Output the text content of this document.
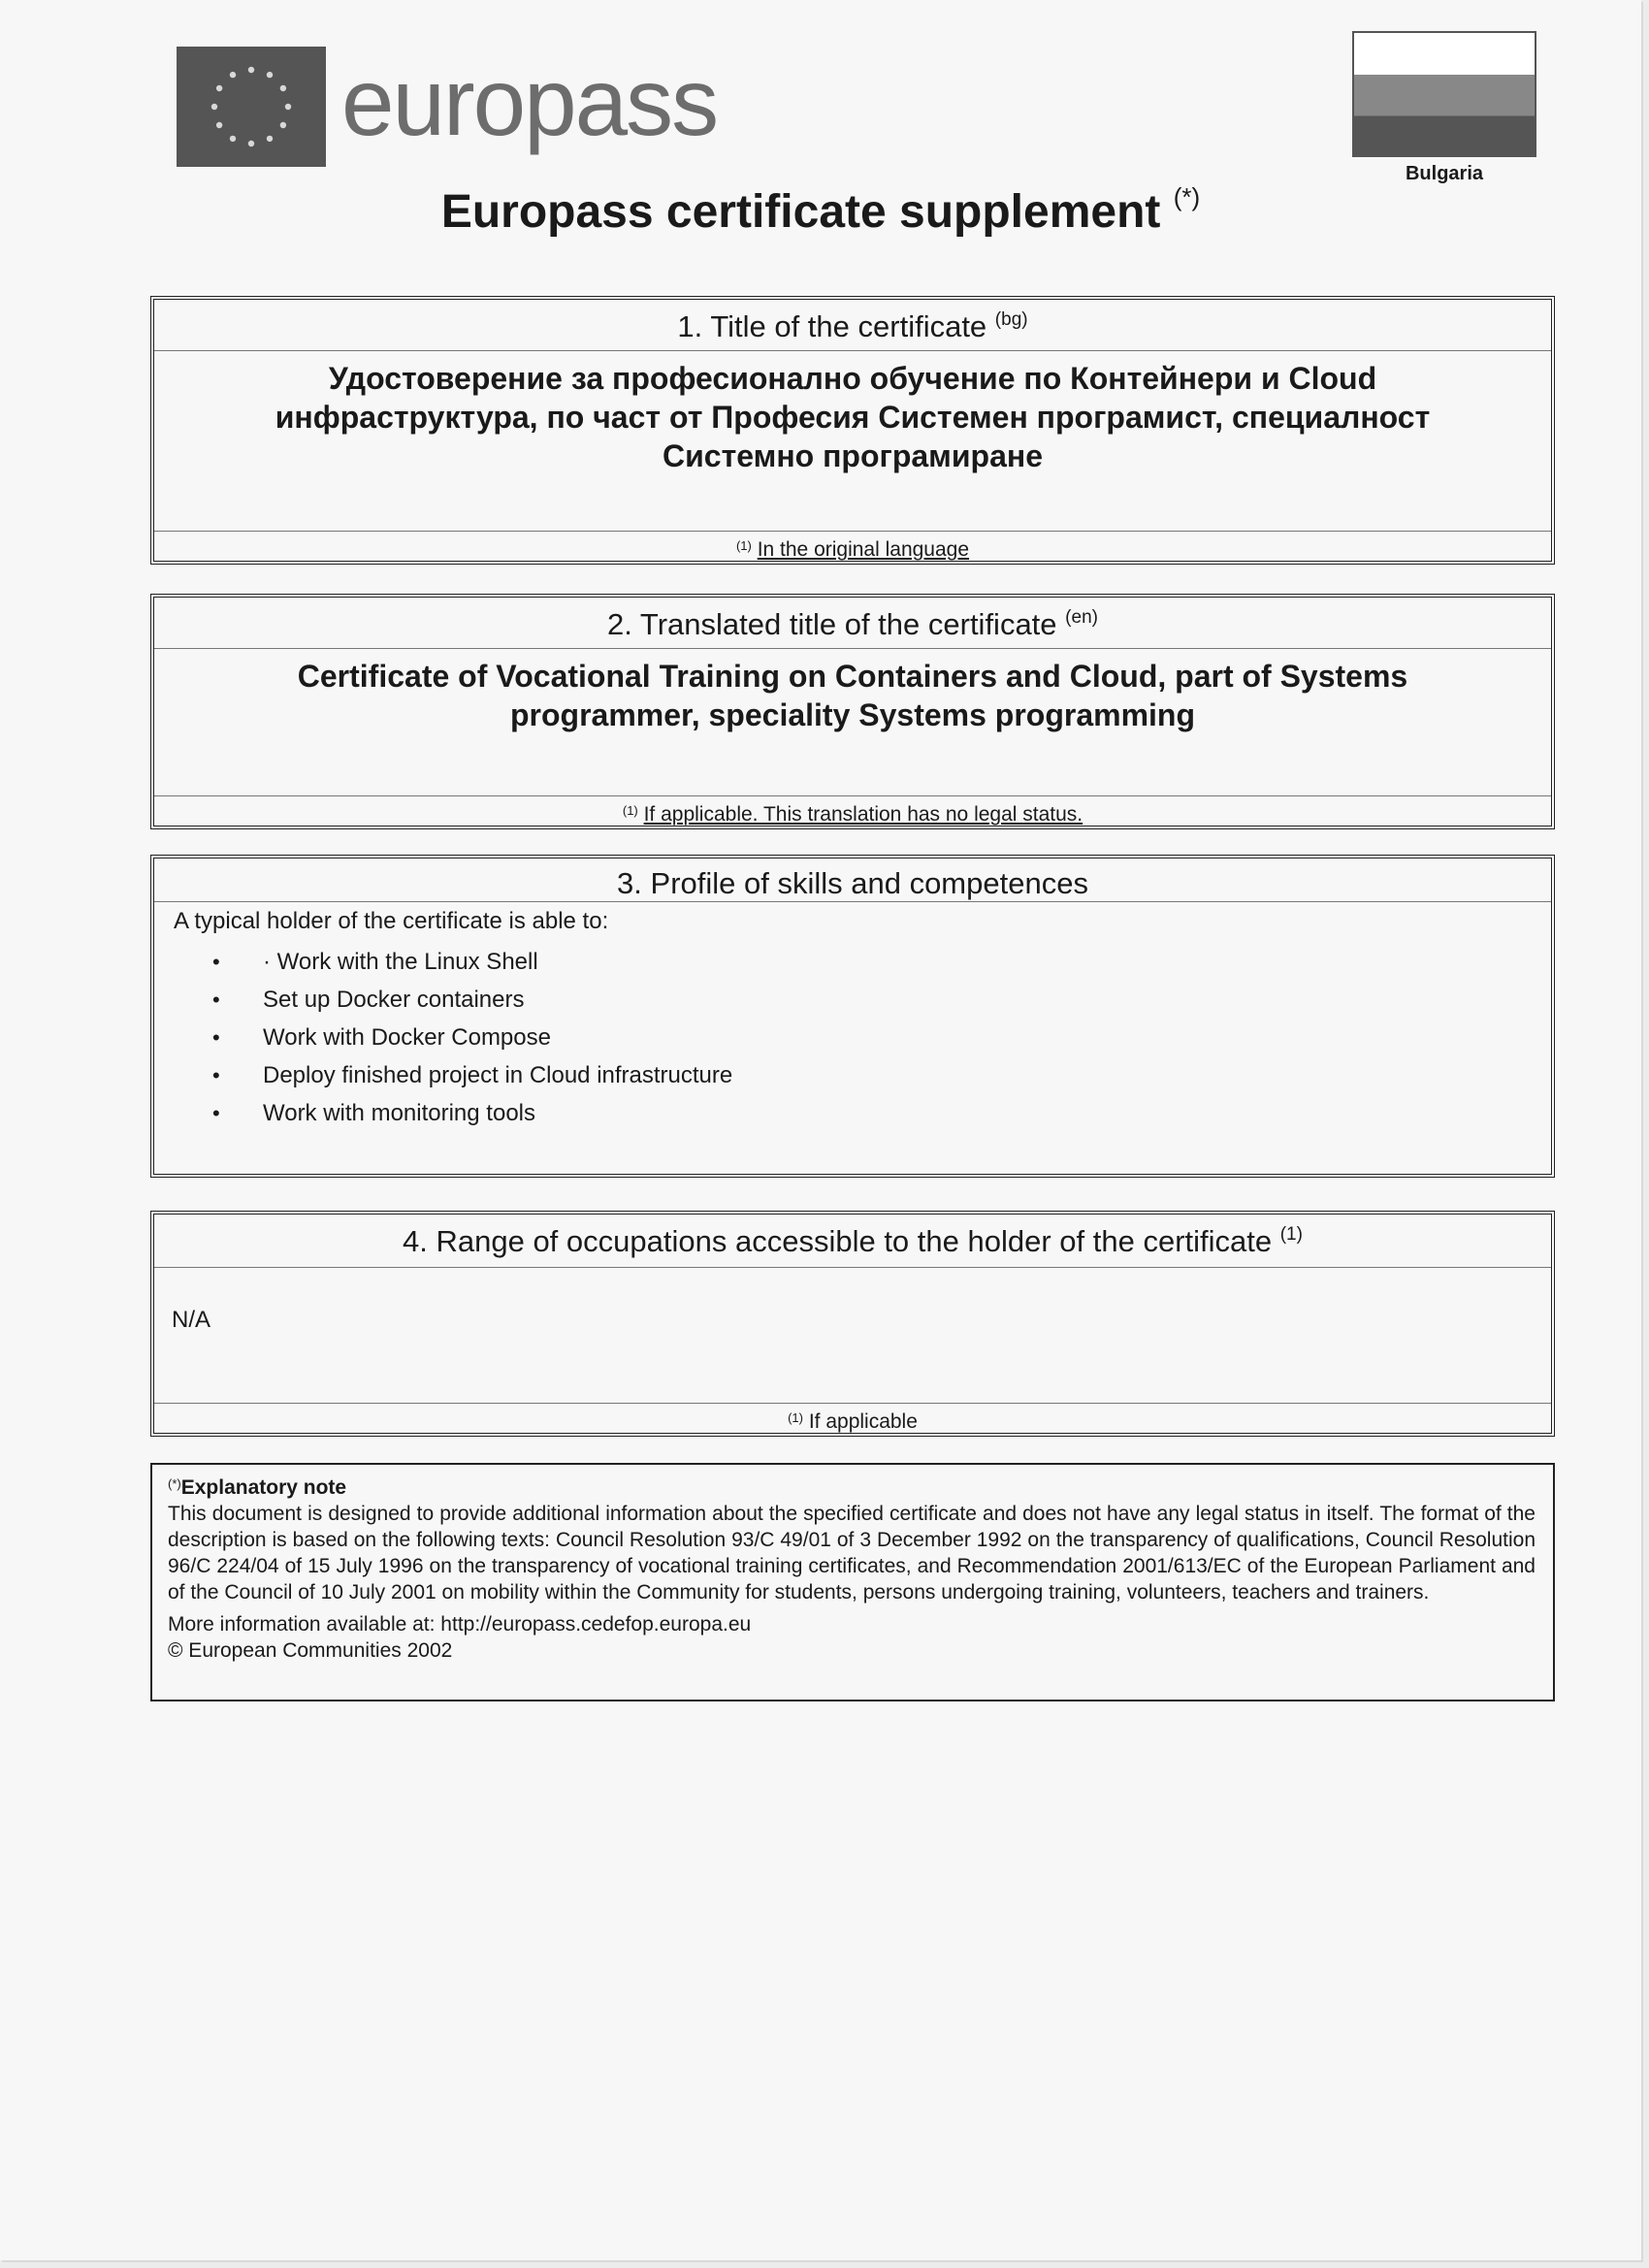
europass
Bulgaria
Europass certificate supplement (*)
1. Title of the certificate $^{(bg)}$
Удостоверение за професионално обучение по Контейнери и Cloud
инфраструктура, по част от Професия Системен програмист, специалност
Системно програмиране
$^{(1)}$ In the original language
2. Translated title of the certificate $^{(en)}$
Certificate of Vocational Training on Containers and Cloud, part of Systems
programmer, speciality Systems programming
$^{(1)}$ If applicable. This translation has no legal status.
3. Profile of skills and competences
A typical holder of the certificate is able to:
• · Work with the Linux Shell
• Set up Docker containers
• Work with Docker Compose
• Deploy finished project in Cloud infrastructure
• Work with monitoring tools
4. Range of occupations accessible to the holder of the certificate $^{(1)}$
N/A
$^{(1)}$ If applicable
(*)Explanatory note

This document is designed to provide additional information about the specified certificate and does not have any legal status in itself. The format of the description is based on the following texts: Council Resolution 93/C 49/01 of 3 December 1992 on the transparency of qualifications, Council Resolution 96/C 224/04 of 15 July 1996 on the transparency of vocational training certificates, and Recommendation 2001/613/EC of the European Parliament and of the Council of 10 July 2001 on mobility within the Community for students, persons undergoing training, volunteers, teachers and trainers.

More information available at: http://europass.cedefop.europa.eu

© European Communities 2002
